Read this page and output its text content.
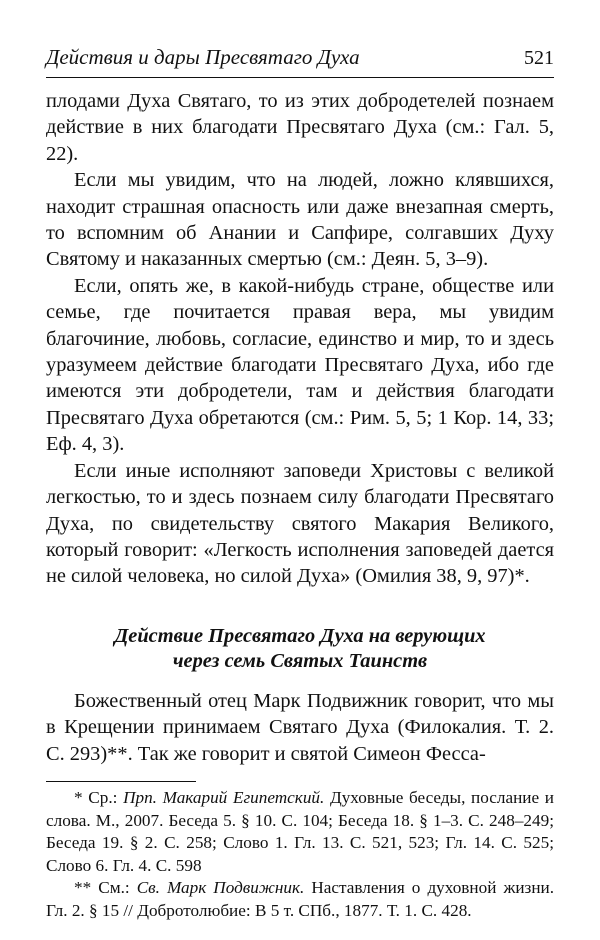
Действия и дары Пресвятаго Духа	521

плодами Духа Святаго, то из этих добродетелей познаем действие в них благодати Пресвятаго Духа (см.: Гал. 5, 22).

Если мы увидим, что на людей, ложно клявшихся, находит страшная опасность или даже внезапная смерть, то вспомним об Анании и Сапфире, солгавших Духу Святому и наказанных смертью (см.: Деян. 5, 3–9).

Если, опять же, в какой-нибудь стране, обществе или семье, где почитается правая вера, мы увидим благочиние, любовь, согласие, единство и мир, то и здесь уразумеем действие благодати Пресвятаго Духа, ибо где имеются эти добродетели, там и действия благодати Пресвятаго Духа обретаются (см.: Рим. 5, 5; 1 Кор. 14, 33; Еф. 4, 3).

Если иные исполняют заповеди Христовы с великой легкостью, то и здесь познаем силу благодати Пресвятаго Духа, по свидетельству святого Макария Великого, который говорит: «Легкость исполнения заповедей дается не силой человека, но силой Духа» (Омилия 38, 9, 97)*.

Действие Пресвятаго Духа на верующих
через семь Святых Таинств

Божественный отец Марк Подвижник говорит, что мы в Крещении принимаем Святаго Духа (Филокалия. Т. 2. С. 293)**. Так же говорит и святой Симеон Фесса-

* Ср.: Прп. Макарий Египетский. Духовные беседы, послание и слова. М., 2007. Беседа 5. § 10. С. 104; Беседа 18. § 1–3. С. 248–249; Беседа 19. § 2. С. 258; Слово 1. Гл. 13. С. 521, 523; Гл. 14. С. 525; Слово 6. Гл. 4. С. 598

** См.: Св. Марк Подвижник. Наставления о духовной жизни. Гл. 2. § 15 // Добротолюбие: В 5 т. СПб., 1877. Т. 1. С. 428.
